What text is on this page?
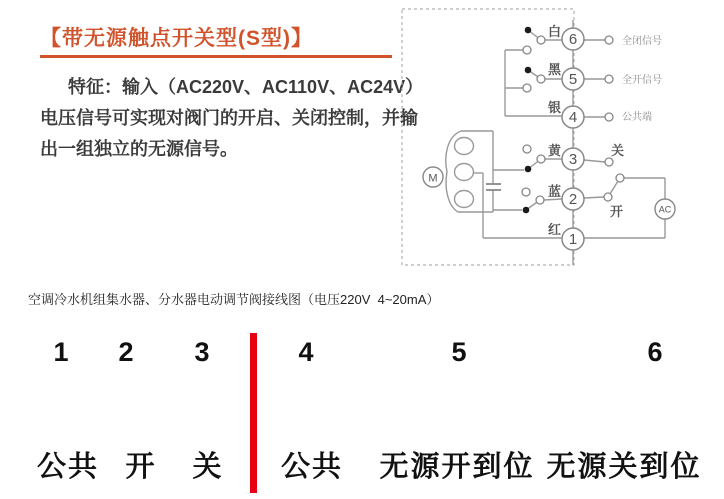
【带无源触点开关型(S型)】
特征：输入（AC220V、AC110V、AC24V）
电压信号可实现对阀门的开启、关闭控制，并输
出一组独立的无源信号。
M
AC
6
5
4
3
2
1
白
黑
银
黄
蓝
红
全闭信号
全开信号
公共端
关
开
空调冷水机组集水器、分水器电动调节阀接线图（电压220V  4~20mA）
1 2 3	4	5	6
公共 开 关 公共 无源开到位 无源关到位
